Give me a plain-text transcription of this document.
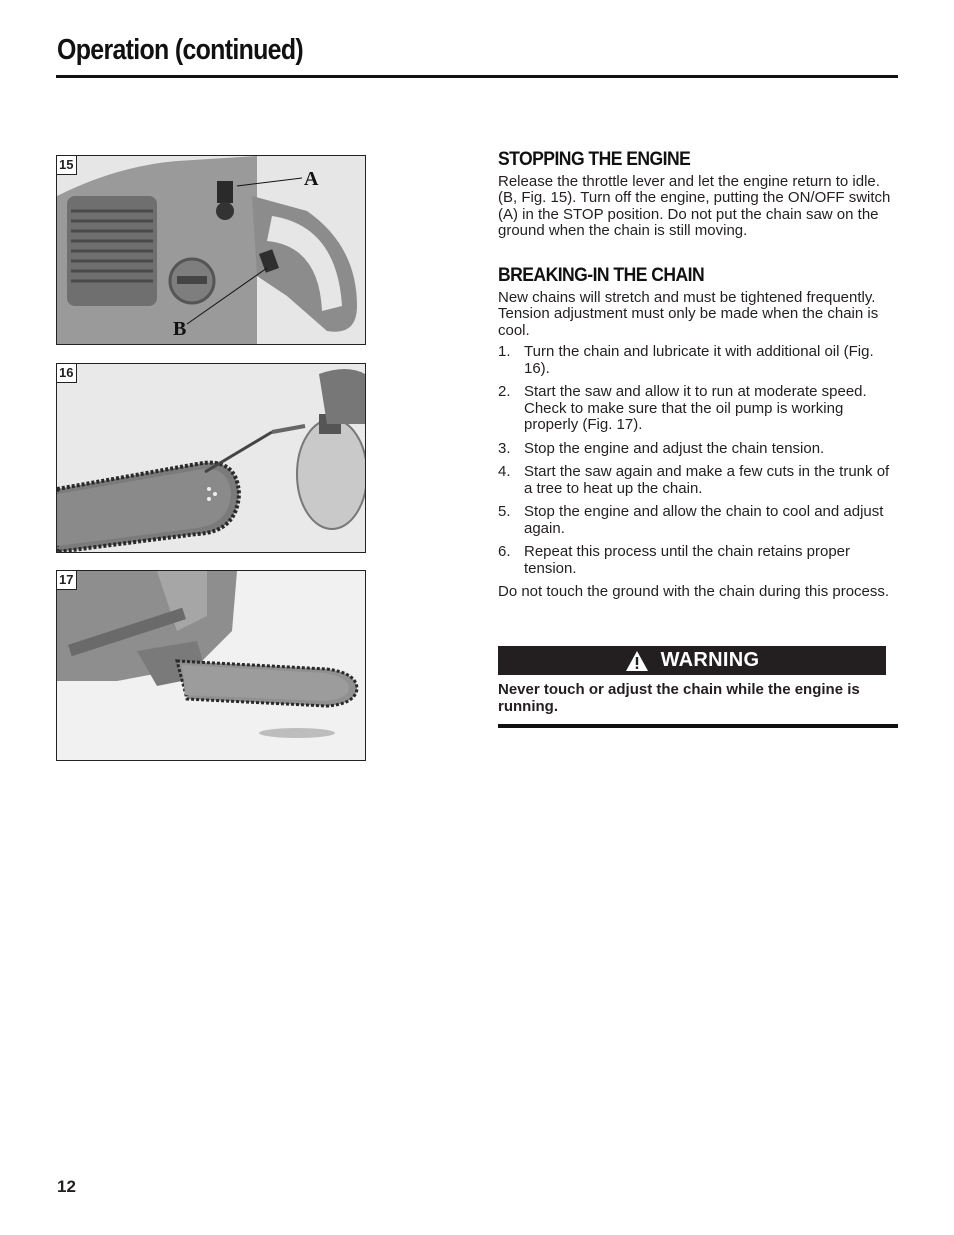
Operation (continued)
15
A
B
16
17
STOPPING THE ENGINE

Release the throttle lever and let the engine return to idle. (B, Fig. 15). Turn off the engine, putting the ON/OFF switch (A) in the STOP position. Do not put the chain saw on the ground when the chain is still moving.

BREAKING-IN THE CHAIN

New chains will stretch and must be tightened frequently. Tension adjustment must only be made when the chain is cool.

1. Turn the chain and lubricate it with additional oil (Fig. 16).
2. Start the saw and allow it to run at moderate speed. Check to make sure that the oil pump is working properly (Fig. 17).
3. Stop the engine and adjust the chain tension.
4. Start the saw again and make a few cuts in the trunk of a tree to heat up the chain.
5. Stop the engine and allow the chain to cool and adjust again.
6. Repeat this process until the chain retains proper tension.

Do not touch the ground with the chain during this process.

WARNING

Never touch or adjust the chain while the engine is running.

12
